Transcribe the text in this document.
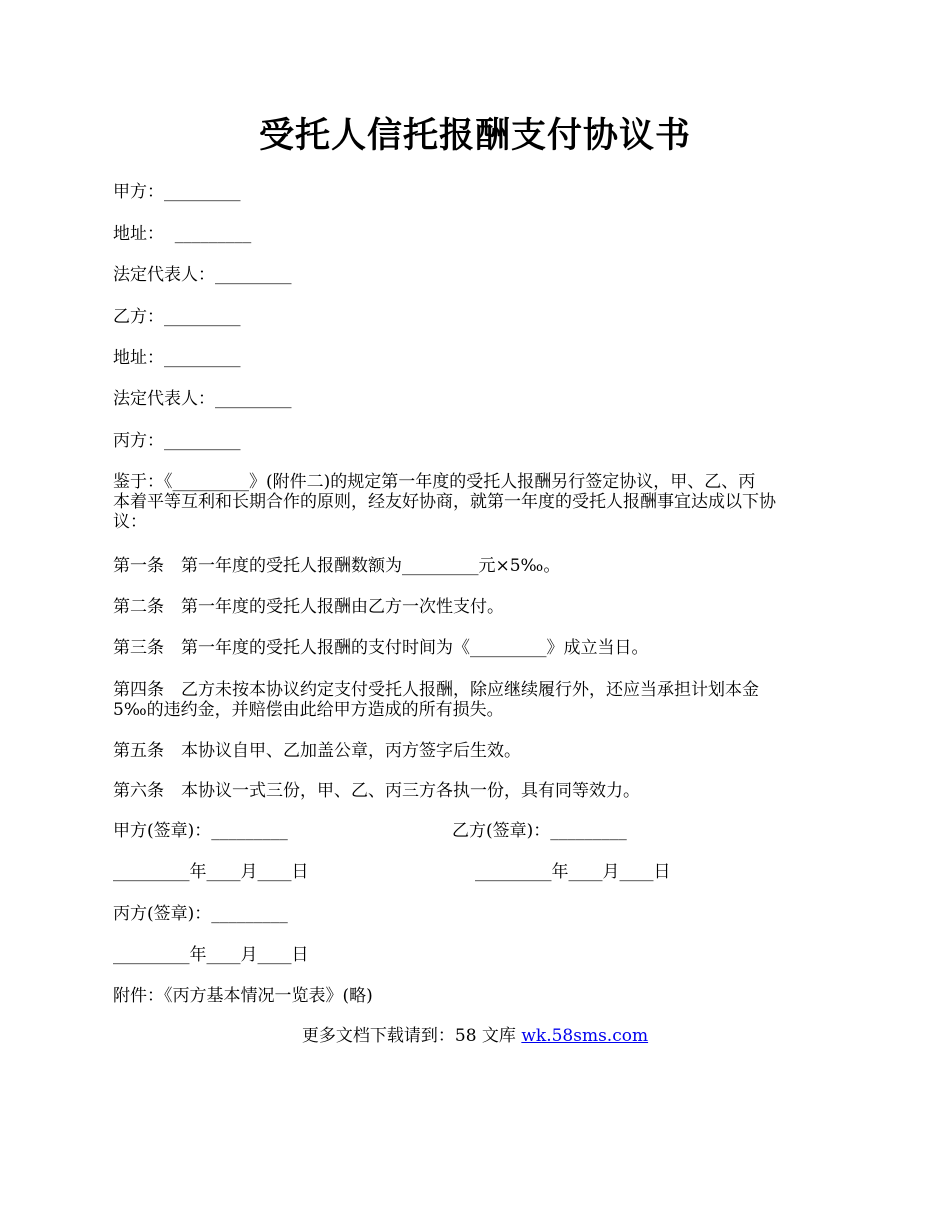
受托人信托报酬支付协议书
甲方：_________
地址：  _________
法定代表人：_________
乙方：_________
地址：_________
法定代表人：_________
丙方：_________
鉴于：《_________》(附件二)的规定第一年度的受托人报酬另行签定协议，甲、乙、丙
本着平等互利和长期合作的原则，经友好协商，就第一年度的受托人报酬事宜达成以下协
议：
第一条　第一年度的受托人报酬数额为_________元×5‰。
第二条　第一年度的受托人报酬由乙方一次性支付。
第三条　第一年度的受托人报酬的支付时间为《_________》成立当日。
第四条　乙方未按本协议约定支付受托人报酬，除应继续履行外，还应当承担计划本金
5‰的违约金，并赔偿由此给甲方造成的所有损失。
第五条　本协议自甲、乙加盖公章，丙方签字后生效。
第六条　本协议一式三份，甲、乙、丙三方各执一份，具有同等效力。
甲方(签章)：_________	乙方(签章)：_________
_________年____月____日	_________年____月____日
丙方(签章)：_________
_________年____月____日
附件：《丙方基本情况一览表》(略)
更多文档下载请到：58 文库 wk.58sms.com
